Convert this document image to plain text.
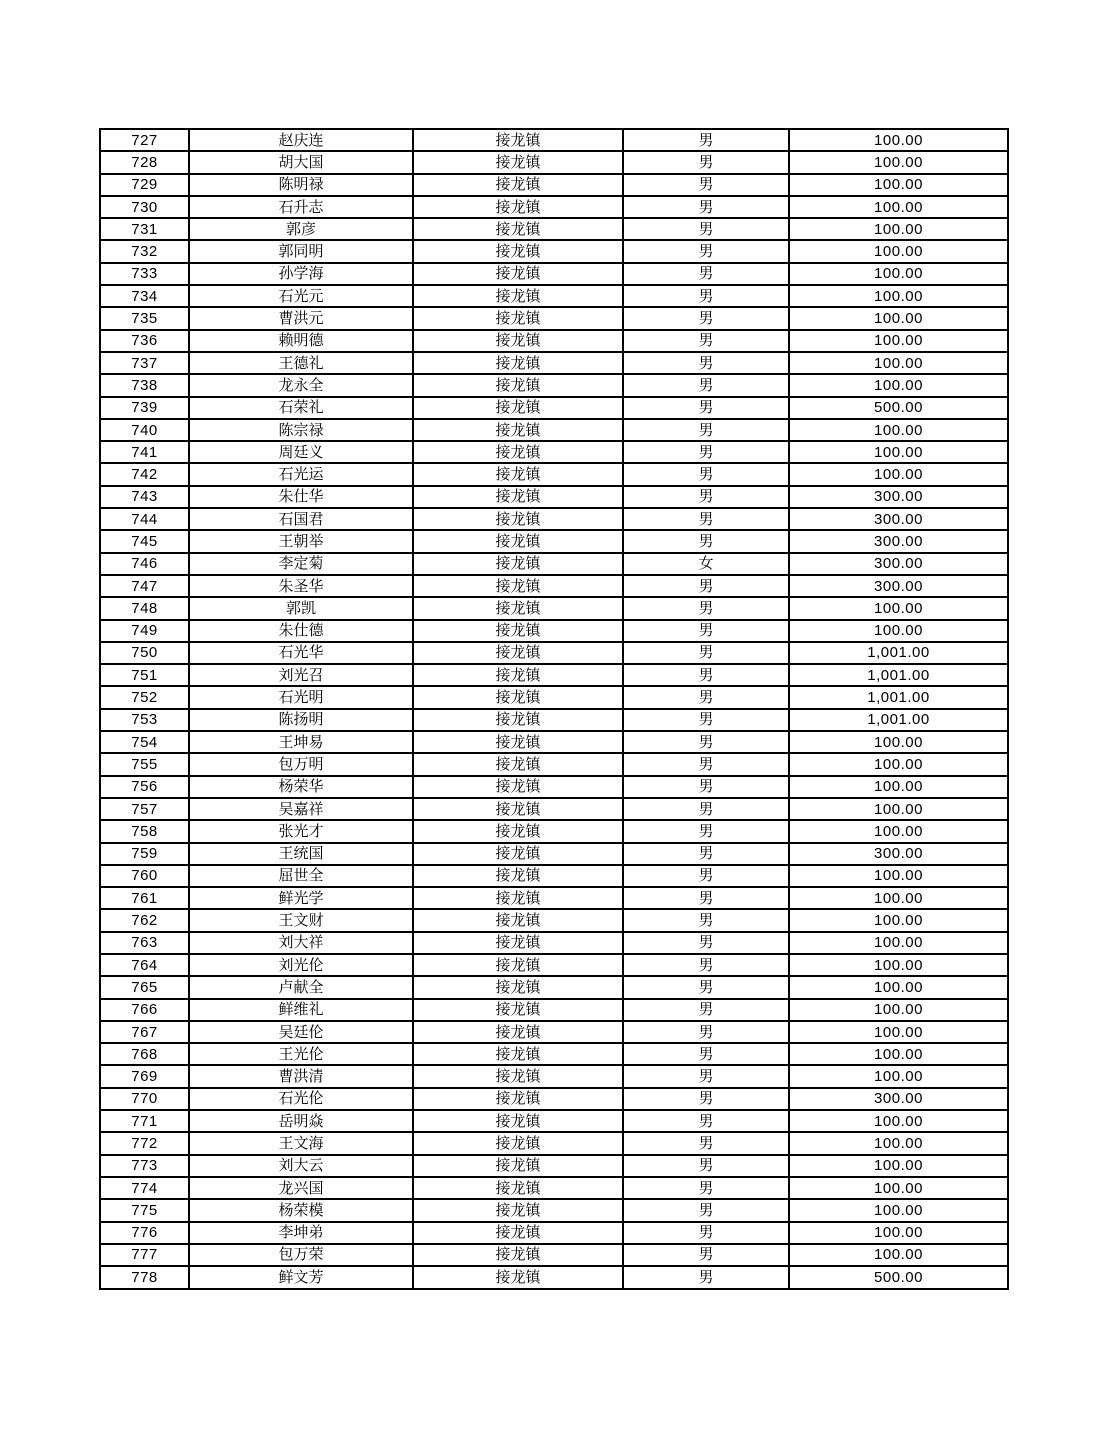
727	赵庆连	接龙镇	男	100.00
728	胡大国	接龙镇	男	100.00
729	陈明禄	接龙镇	男	100.00
730	石升志	接龙镇	男	100.00
731	郭彦	接龙镇	男	100.00
732	郭同明	接龙镇	男	100.00
733	孙学海	接龙镇	男	100.00
734	石光元	接龙镇	男	100.00
735	曹洪元	接龙镇	男	100.00
736	赖明德	接龙镇	男	100.00
737	王德礼	接龙镇	男	100.00
738	龙永全	接龙镇	男	100.00
739	石荣礼	接龙镇	男	500.00
740	陈宗禄	接龙镇	男	100.00
741	周廷义	接龙镇	男	100.00
742	石光运	接龙镇	男	100.00
743	朱仕华	接龙镇	男	300.00
744	石国君	接龙镇	男	300.00
745	王朝举	接龙镇	男	300.00
746	李定菊	接龙镇	女	300.00
747	朱圣华	接龙镇	男	300.00
748	郭凯	接龙镇	男	100.00
749	朱仕德	接龙镇	男	100.00
750	石光华	接龙镇	男	1,001.00
751	刘光召	接龙镇	男	1,001.00
752	石光明	接龙镇	男	1,001.00
753	陈扬明	接龙镇	男	1,001.00
754	王坤易	接龙镇	男	100.00
755	包万明	接龙镇	男	100.00
756	杨荣华	接龙镇	男	100.00
757	吴嘉祥	接龙镇	男	100.00
758	张光才	接龙镇	男	100.00
759	王统国	接龙镇	男	300.00
760	屈世全	接龙镇	男	100.00
761	鲜光学	接龙镇	男	100.00
762	王文财	接龙镇	男	100.00
763	刘大祥	接龙镇	男	100.00
764	刘光伦	接龙镇	男	100.00
765	卢献全	接龙镇	男	100.00
766	鲜维礼	接龙镇	男	100.00
767	吴廷伦	接龙镇	男	100.00
768	王光伦	接龙镇	男	100.00
769	曹洪清	接龙镇	男	100.00
770	石光伦	接龙镇	男	300.00
771	岳明焱	接龙镇	男	100.00
772	王文海	接龙镇	男	100.00
773	刘大云	接龙镇	男	100.00
774	龙兴国	接龙镇	男	100.00
775	杨荣模	接龙镇	男	100.00
776	李坤弟	接龙镇	男	100.00
777	包万荣	接龙镇	男	100.00
778	鲜文芳	接龙镇	男	500.00
